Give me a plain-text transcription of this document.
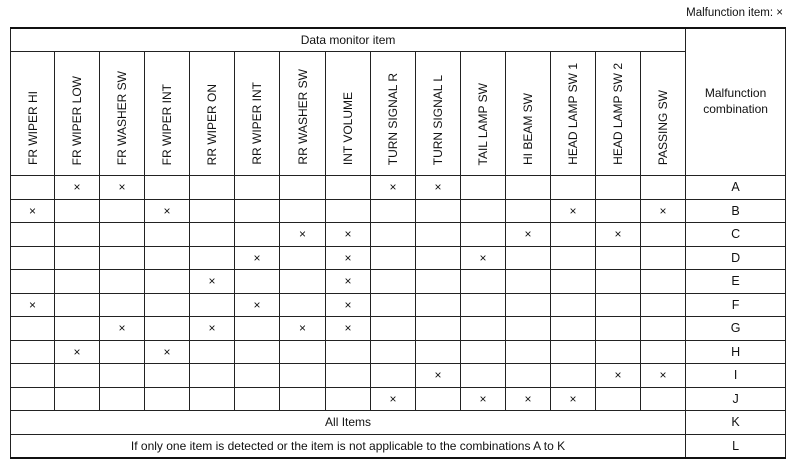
Malfunction item: ×
Data monitor item															Malfunction combination

FR WIPER HI	FR WIPER LOW	FR WASHER SW	FR WIPER INT	RR WIPER ON	RR WIPER INT	RR WASHER SW	INT VOLUME	TURN SIGNAL R	TURN SIGNAL L	TAIL LAMP SW	HI BEAM SW	HEAD LAMP SW 1	HEAD LAMP SW 2	PASSING SW	

	×	×						×	×						A
×			×									×		×	B
						×	×				×		×		C
					×		×			×					D
				×			×								E
×					×		×								F
		×		×		×	×								G
	×		×												H
									×				×	×	I
								×		×	×	×			J
All Items															K
If only one item is detected or the item is not applicable to the combinations A to K															L
